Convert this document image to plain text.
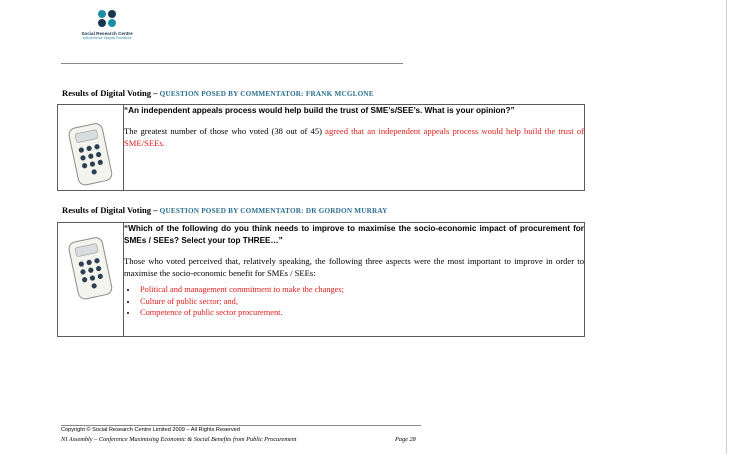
Social Research Centre
Independence Integrity Excellence
Results of Digital Voting – QUESTION POSED BY COMMENTATOR: FRANK MCGLONE

“An independent appeals process would help build the trust of SME’s/SEE’s. What is your opinion?”
The greatest number of those who voted (38 out of 45) agreed that an independent appeals process would help build the trust of SME/SEEs.
Results of Digital Voting – QUESTION POSED BY COMMENTATOR: DR GORDON MURRAY

“Which of the following do you think needs to improve to maximise the socio-economic impact of procurement for SMEs / SEEs? Select your top THREE…”
Those who voted perceived that, relatively speaking, the following three aspects were the most important to improve in order to maximise the socio-economic benefit for SMEs / SEEs:
• Political and management commitment to make the changes;
• Culture of public sector; and,
• Competence of public sector procurement.
Copyright © Social Research Centre Limited 2009 – All Rights Reserved
NI Assembly – Conference Maximising Economic & Social Benefits from Public Procurement	Page 28
